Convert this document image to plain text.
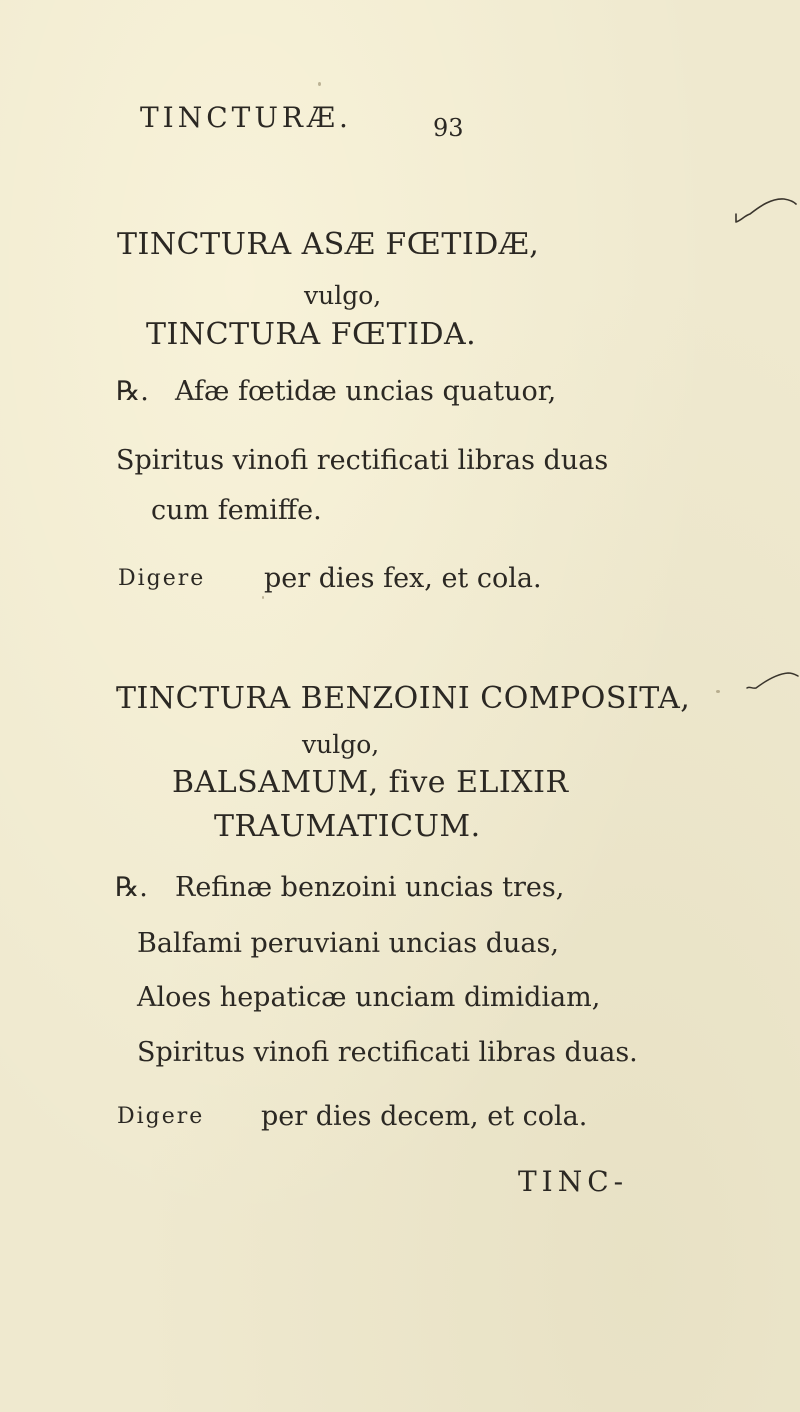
TINCTURÆ.	93
TINCTURA ASÆ FŒTIDÆ,
vulgo,
TINCTURA FŒTIDA.
℞. Afæ fœtidæ uncias quatuor,
Spiritus vinofi rectificati libras duas
cum femiffe.
Digere per dies fex, et cola.
TINCTURA BENZOINI COMPOSITA,
vulgo,
BALSAMUM, five ELIXIR
TRAUMATICUM.
℞. Refinæ benzoini uncias tres,
Balfami peruviani uncias duas,
Aloes hepaticæ unciam dimidiam,
Spiritus vinofi rectificati libras duas.
Digere per dies decem, et cola.
TINC-
